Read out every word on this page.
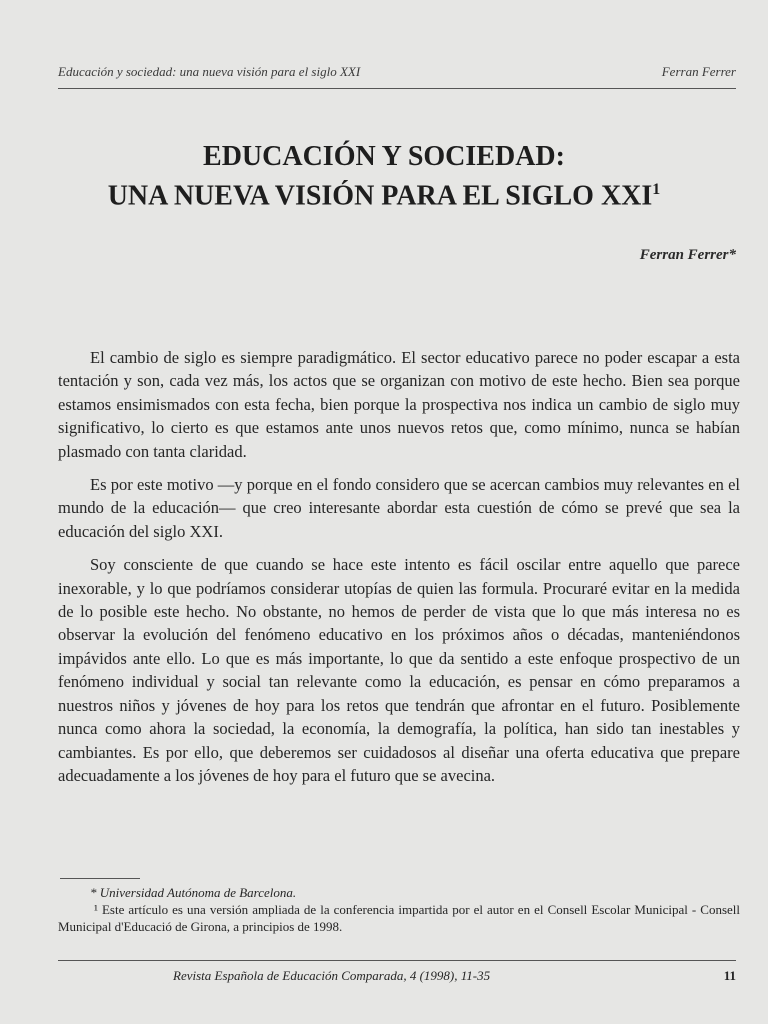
Educación y sociedad: una nueva visión para el siglo XXI	Ferran Ferrer
EDUCACIÓN Y SOCIEDAD:
UNA NUEVA VISIÓN PARA EL SIGLO XXI$^1$
Ferran Ferrer*

El cambio de siglo es siempre paradigmático. El sector educativo parece no poder escapar a esta tentación y son, cada vez más, los actos que se organizan con motivo de este hecho. Bien sea porque estamos ensimismados con esta fecha, bien porque la prospectiva nos indica un cambio de siglo muy significativo, lo cierto es que estamos ante unos nuevos retos que, como mínimo, nunca se habían plasmado con tanta claridad.

Es por este motivo —y porque en el fondo considero que se acercan cambios muy relevantes en el mundo de la educación— que creo interesante abordar esta cuestión de cómo se prevé que sea la educación del siglo XXI.

Soy consciente de que cuando se hace este intento es fácil oscilar entre aquello que parece inexorable, y lo que podríamos considerar utopías de quien las formula. Procuraré evitar en la medida de lo posible este hecho. No obstante, no hemos de perder de vista que lo que más interesa no es observar la evolución del fenómeno educativo en los próximos años o décadas, manteniéndonos impávidos ante ello. Lo que es más importante, lo que da sentido a este enfoque prospectivo de un fenómeno individual y social tan relevante como la educación, es pensar en cómo preparamos a nuestros niños y jóvenes de hoy para los retos que tendrán que afrontar en el futuro. Posiblemente nunca como ahora la sociedad, la economía, la demografía, la política, han sido tan inestables y cambiantes. Es por ello, que deberemos ser cuidadosos al diseñar una oferta educativa que prepare adecuadamente a los jóvenes de hoy para el futuro que se avecina.

* Universidad Autónoma de Barcelona.

¹ Este artículo es una versión ampliada de la conferencia impartida por el autor en el Consell Escolar Municipal - Consell Municipal d'Educació de Girona, a principios de 1998.

Revista Española de Educación Comparada, 4 (1998), 11-35	11
